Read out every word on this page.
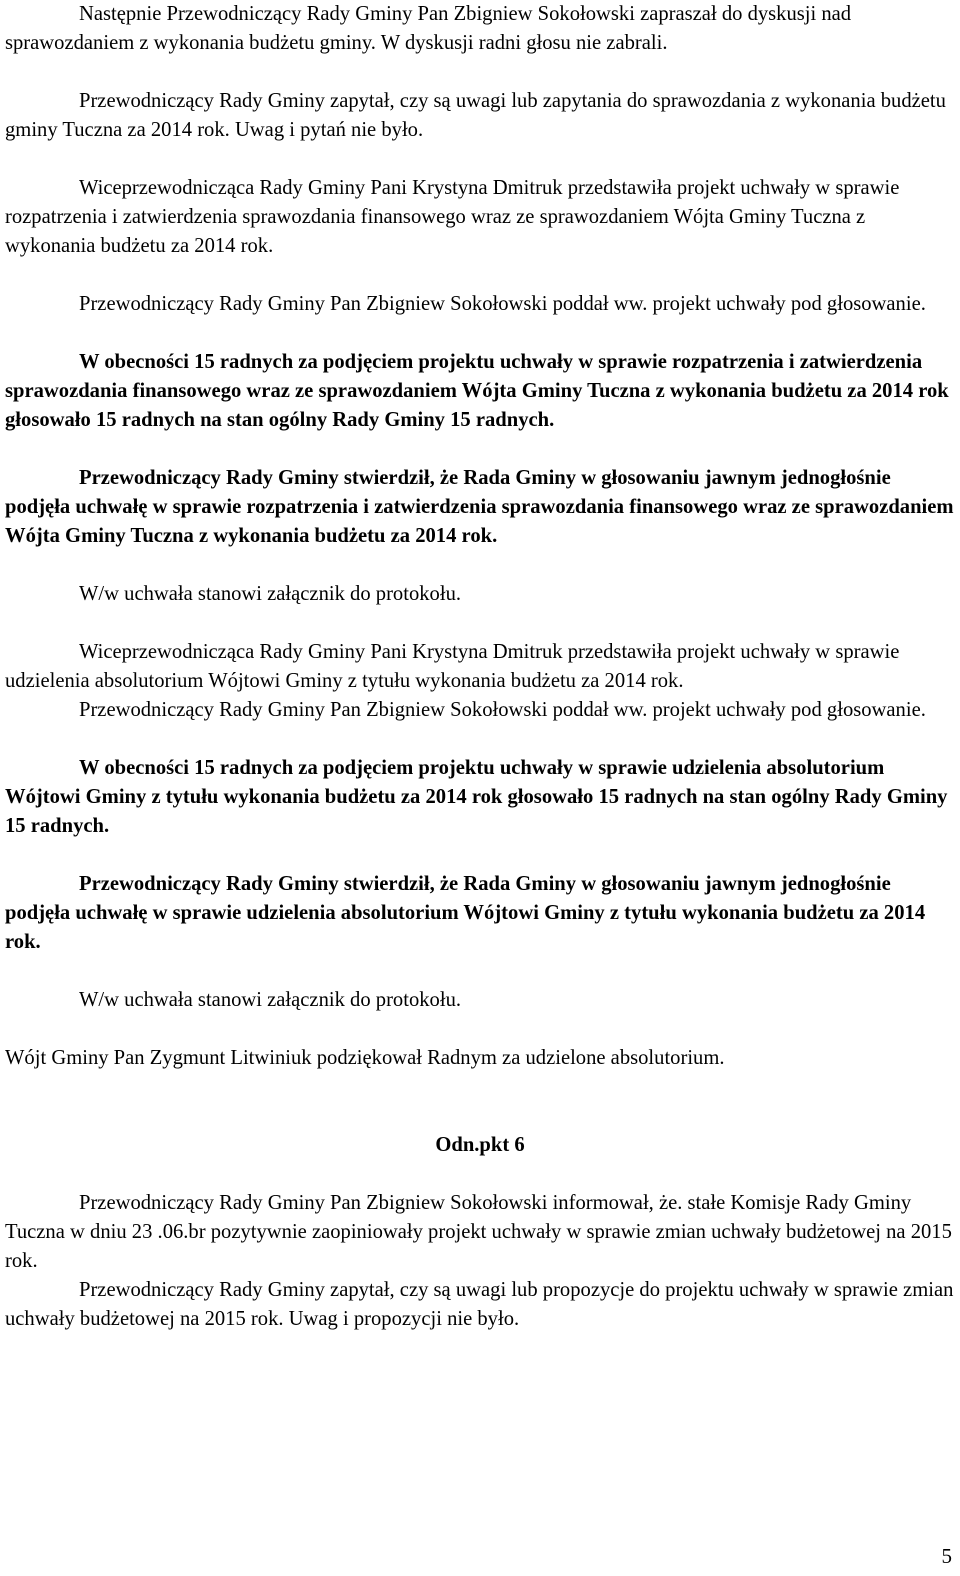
Następnie Przewodniczący Rady Gminy Pan Zbigniew Sokołowski zapraszał do dyskusji nad sprawozdaniem z wykonania budżetu gminy. W dyskusji radni głosu nie zabrali.

Przewodniczący Rady Gminy zapytał, czy są uwagi lub zapytania do sprawozdania z wykonania budżetu gminy Tuczna za 2014 rok. Uwag i pytań nie było.

Wiceprzewodnicząca Rady Gminy Pani Krystyna Dmitruk przedstawiła projekt uchwały w sprawie rozpatrzenia i zatwierdzenia sprawozdania finansowego wraz ze sprawozdaniem Wójta Gminy Tuczna z wykonania budżetu za 2014 rok.

Przewodniczący Rady Gminy Pan Zbigniew Sokołowski poddał ww. projekt uchwały pod głosowanie.

W obecności 15 radnych za podjęciem projektu uchwały w sprawie rozpatrzenia i zatwierdzenia sprawozdania finansowego wraz ze sprawozdaniem Wójta Gminy Tuczna z wykonania budżetu za 2014 rok głosowało 15 radnych na stan ogólny Rady Gminy 15 radnych.

Przewodniczący Rady Gminy stwierdził, że Rada Gminy w głosowaniu jawnym jednogłośnie podjęła uchwałę w sprawie rozpatrzenia i zatwierdzenia sprawozdania finansowego wraz ze sprawozdaniem Wójta Gminy Tuczna z wykonania budżetu za 2014 rok.

W/w uchwała stanowi załącznik do protokołu.

Wiceprzewodnicząca Rady Gminy Pani Krystyna Dmitruk przedstawiła projekt uchwały w sprawie udzielenia absolutorium Wójtowi Gminy z tytułu wykonania budżetu za 2014 rok.

Przewodniczący Rady Gminy Pan Zbigniew Sokołowski poddał ww. projekt uchwały pod głosowanie.

W obecności 15 radnych za podjęciem projektu uchwały w sprawie udzielenia absolutorium Wójtowi Gminy z tytułu wykonania budżetu za 2014 rok głosowało 15 radnych na stan ogólny Rady Gminy 15 radnych.

Przewodniczący Rady Gminy stwierdził, że Rada Gminy w głosowaniu jawnym jednogłośnie podjęła uchwałę w sprawie udzielenia absolutorium Wójtowi Gminy z tytułu wykonania budżetu za 2014 rok.

W/w uchwała stanowi załącznik do protokołu.

Wójt Gminy Pan Zygmunt Litwiniuk podziękował Radnym za udzielone absolutorium.

Odn.pkt 6

Przewodniczący Rady Gminy Pan Zbigniew Sokołowski informował, że. stałe Komisje Rady Gminy Tuczna w dniu 23 .06.br pozytywnie zaopiniowały projekt uchwały w sprawie zmian uchwały budżetowej na 2015 rok.

Przewodniczący Rady Gminy zapytał, czy są uwagi lub propozycje do projektu uchwały w sprawie zmian uchwały budżetowej na 2015 rok. Uwag i propozycji nie było.

5
